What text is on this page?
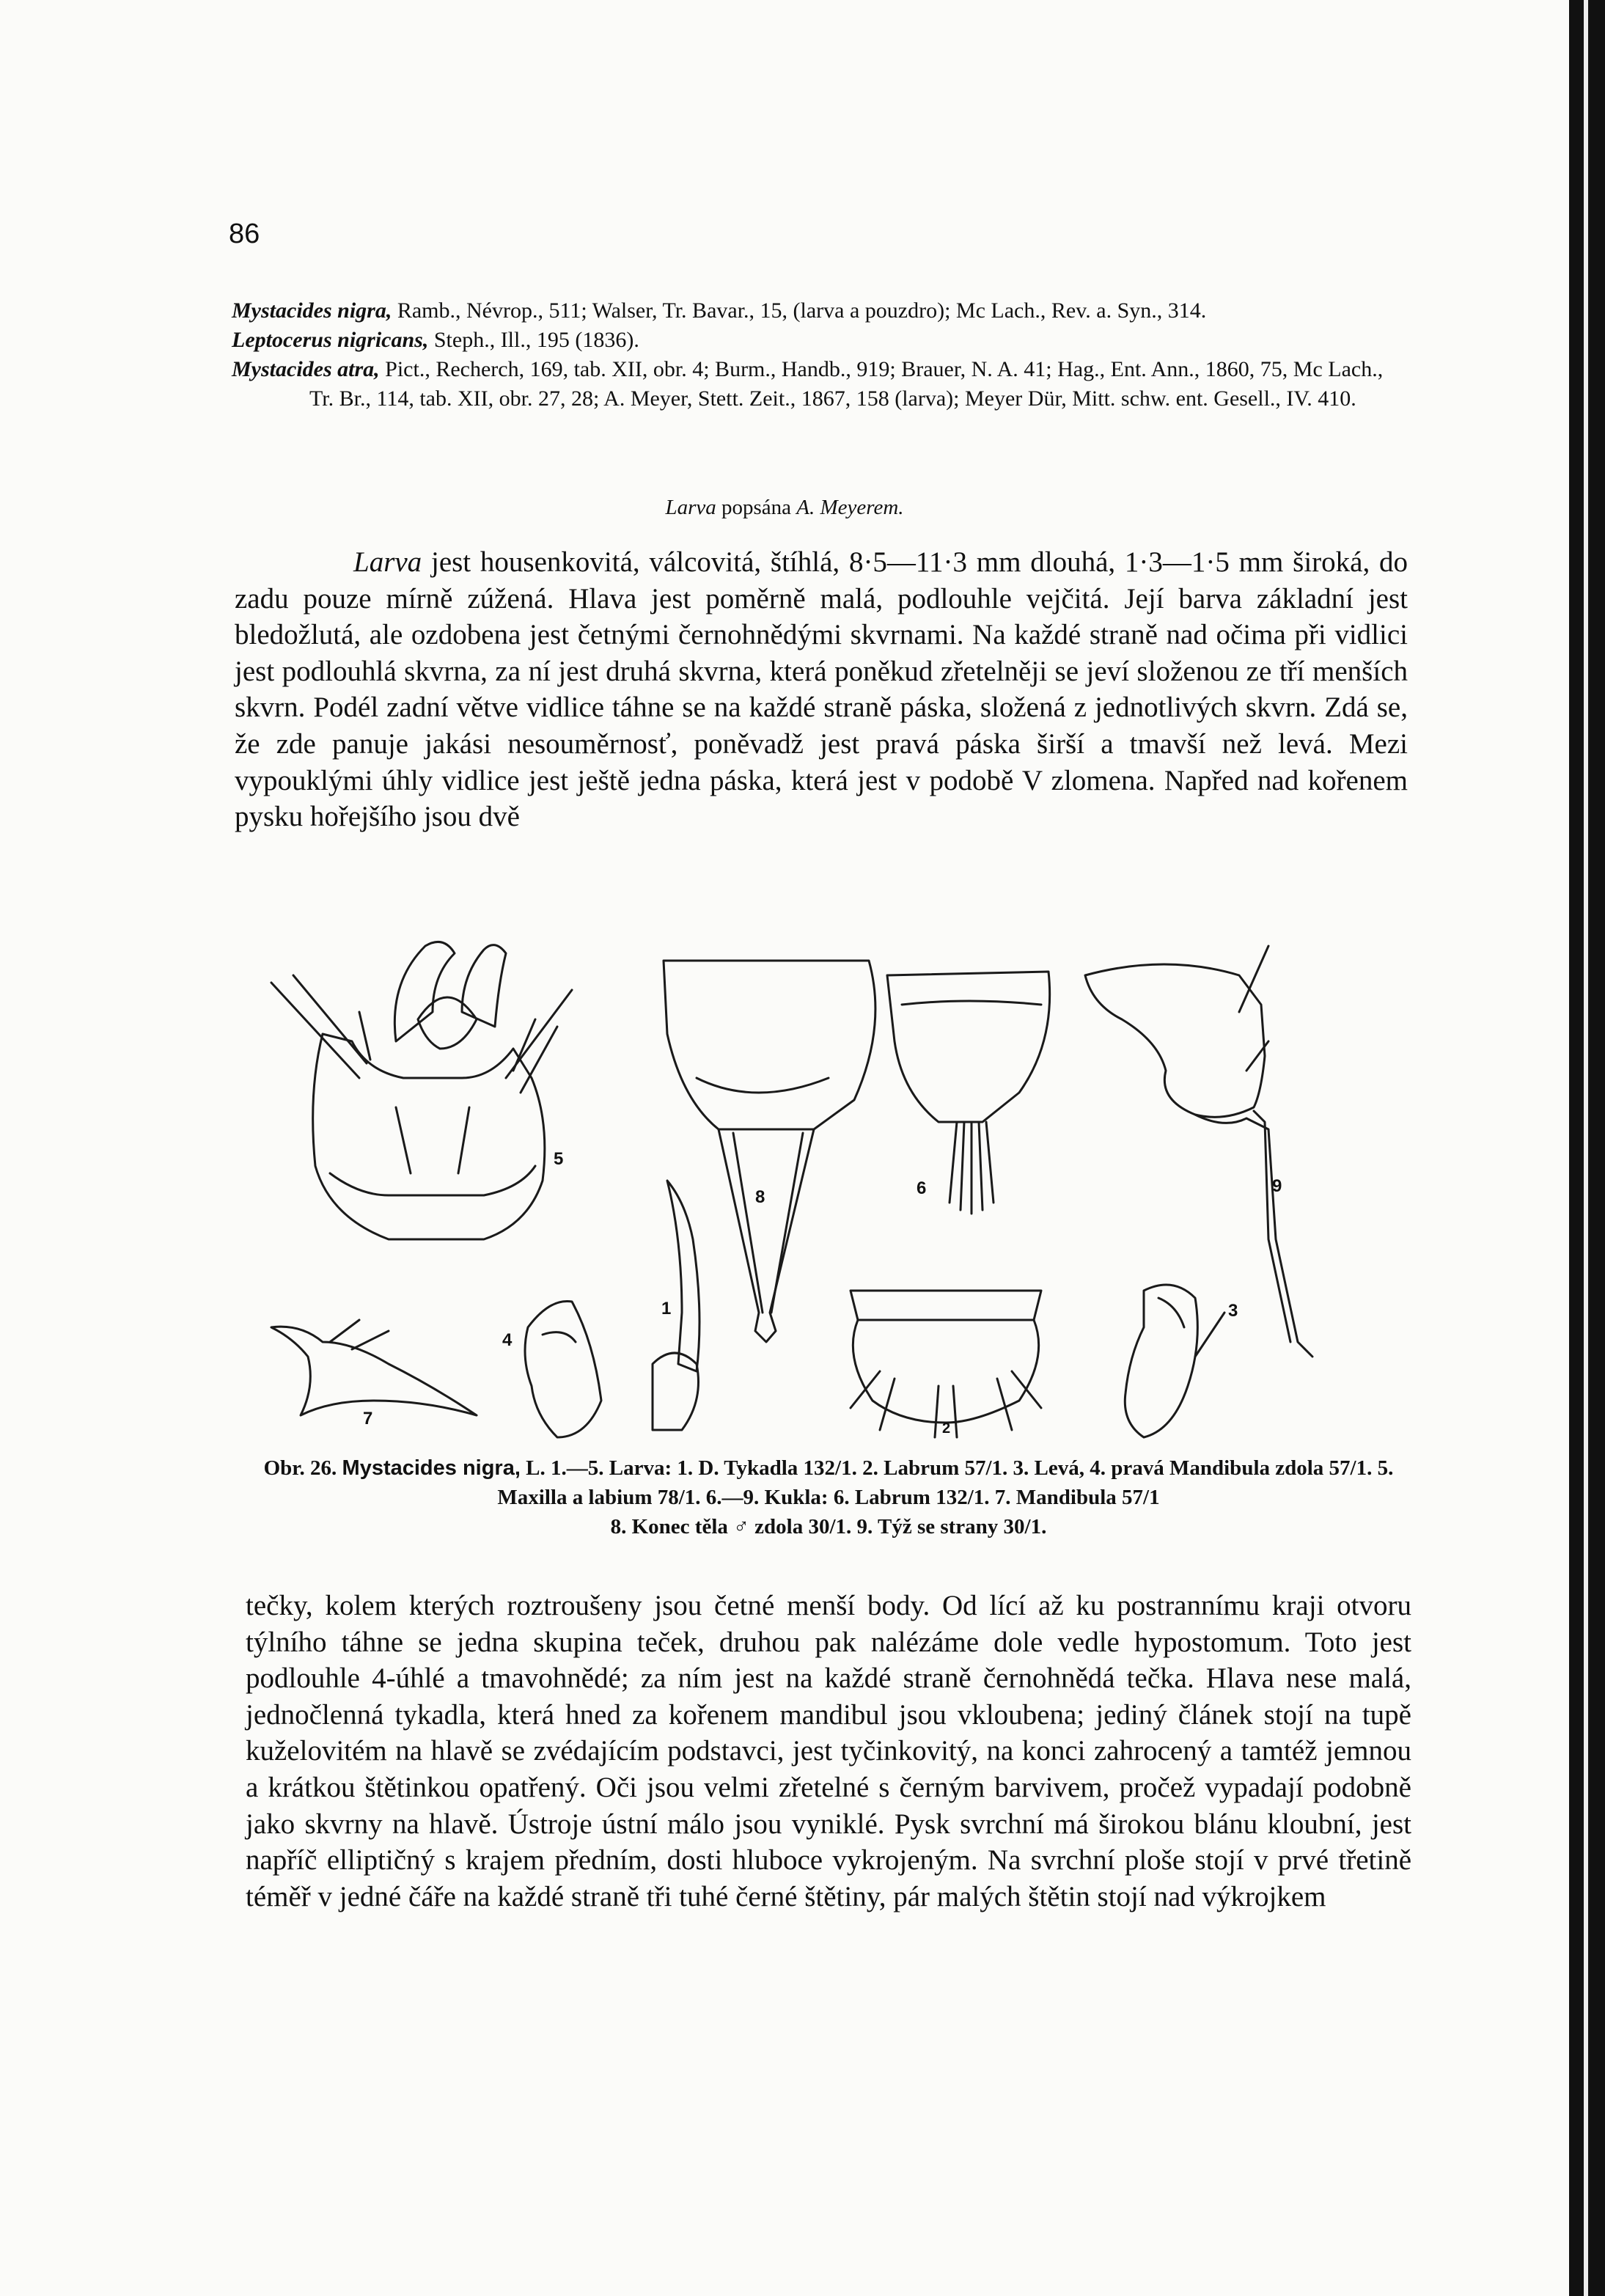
86

Mystacides nigra, Ramb., Névrop., 511; Walser, Tr. Bavar., 15, (larva a pouzdro); Mc Lach., Rev. a. Syn., 314.

Leptocerus nigricans, Steph., Ill., 195 (1836).

Mystacides atra, Pict., Recherch, 169, tab. XII, obr. 4; Burm., Handb., 919; Brauer, N. A. 41; Hag., Ent. Ann., 1860, 75, Mc Lach., Tr. Br., 114, tab. XII, obr. 27, 28; A. Meyer, Stett. Zeit., 1867, 158 (larva); Meyer Dür, Mitt. schw. ent. Gesell., IV. 410.

Larva popsána A. Meyerem.

Larva jest housenkovitá, válcovitá, štíhlá, 8·5—11·3 mm dlouhá, 1·3—1·5 mm široká, do zadu pouze mírně zúžená. Hlava jest poměrně malá, podlouhle vejčitá. Její barva základní jest bledožlutá, ale ozdobena jest četnými černohnědými skvrnami. Na každé straně nad očima při vidlici jest podlouhlá skvrna, za ní jest druhá skvrna, která poněkud zřetelněji se jeví složenou ze tří menších skvrn. Podél zadní větve vidlice táhne se na každé straně páska, složená z jednotlivých skvrn. Zdá se, že zde panuje jakási nesouměrnosť, poněvadž jest pravá páska širší a tmavší než levá. Mezi vypouklými úhly vidlice jest ještě jedna páska, která jest v podobě V zlomena. Napřed nad kořenem pysku hořejšího jsou dvě

5
8	6	9
1
4
7	2
3
Obr. 26. Mystacides nigra, L. 1.—5. Larva: 1. D. Tykadla 132/1. 2. Labrum 57/1. 3. Levá, 4. pravá Mandibula zdola 57/1. 5. Maxilla a labium 78/1. 6.—9. Kukla: 6. Labrum 132/1. 7. Mandibula 57/1
8. Konec těla ♂ zdola 30/1. 9. Týž se strany 30/1.

tečky, kolem kterých roztroušeny jsou četné menší body. Od lící až ku postrannímu kraji otvoru týlního táhne se jedna skupina teček, druhou pak nalézáme dole vedle hypostomum. Toto jest podlouhle 4-úhlé a tmavohnědé; za ním jest na každé straně černohnědá tečka. Hlava nese malá, jednočlenná tykadla, která hned za kořenem mandibul jsou vkloubena; jediný článek stojí na tupě kuželovitém na hlavě se zvédajícím podstavci, jest tyčinkovitý, na konci zahrocený a tamtéž jemnou a krátkou štětinkou opatřený. Oči jsou velmi zřetelné s černým barvivem, pročež vypadají podobně jako skvrny na hlavě. Ústroje ústní málo jsou vyniklé. Pysk svrchní má širokou blánu kloubní, jest napříč elliptičný s krajem předním, dosti hluboce vykrojeným. Na svrchní ploše stojí v prvé třetině téměř v jedné čáře na každé straně tři tuhé černé štětiny, pár malých štětin stojí nad výkrojkem
